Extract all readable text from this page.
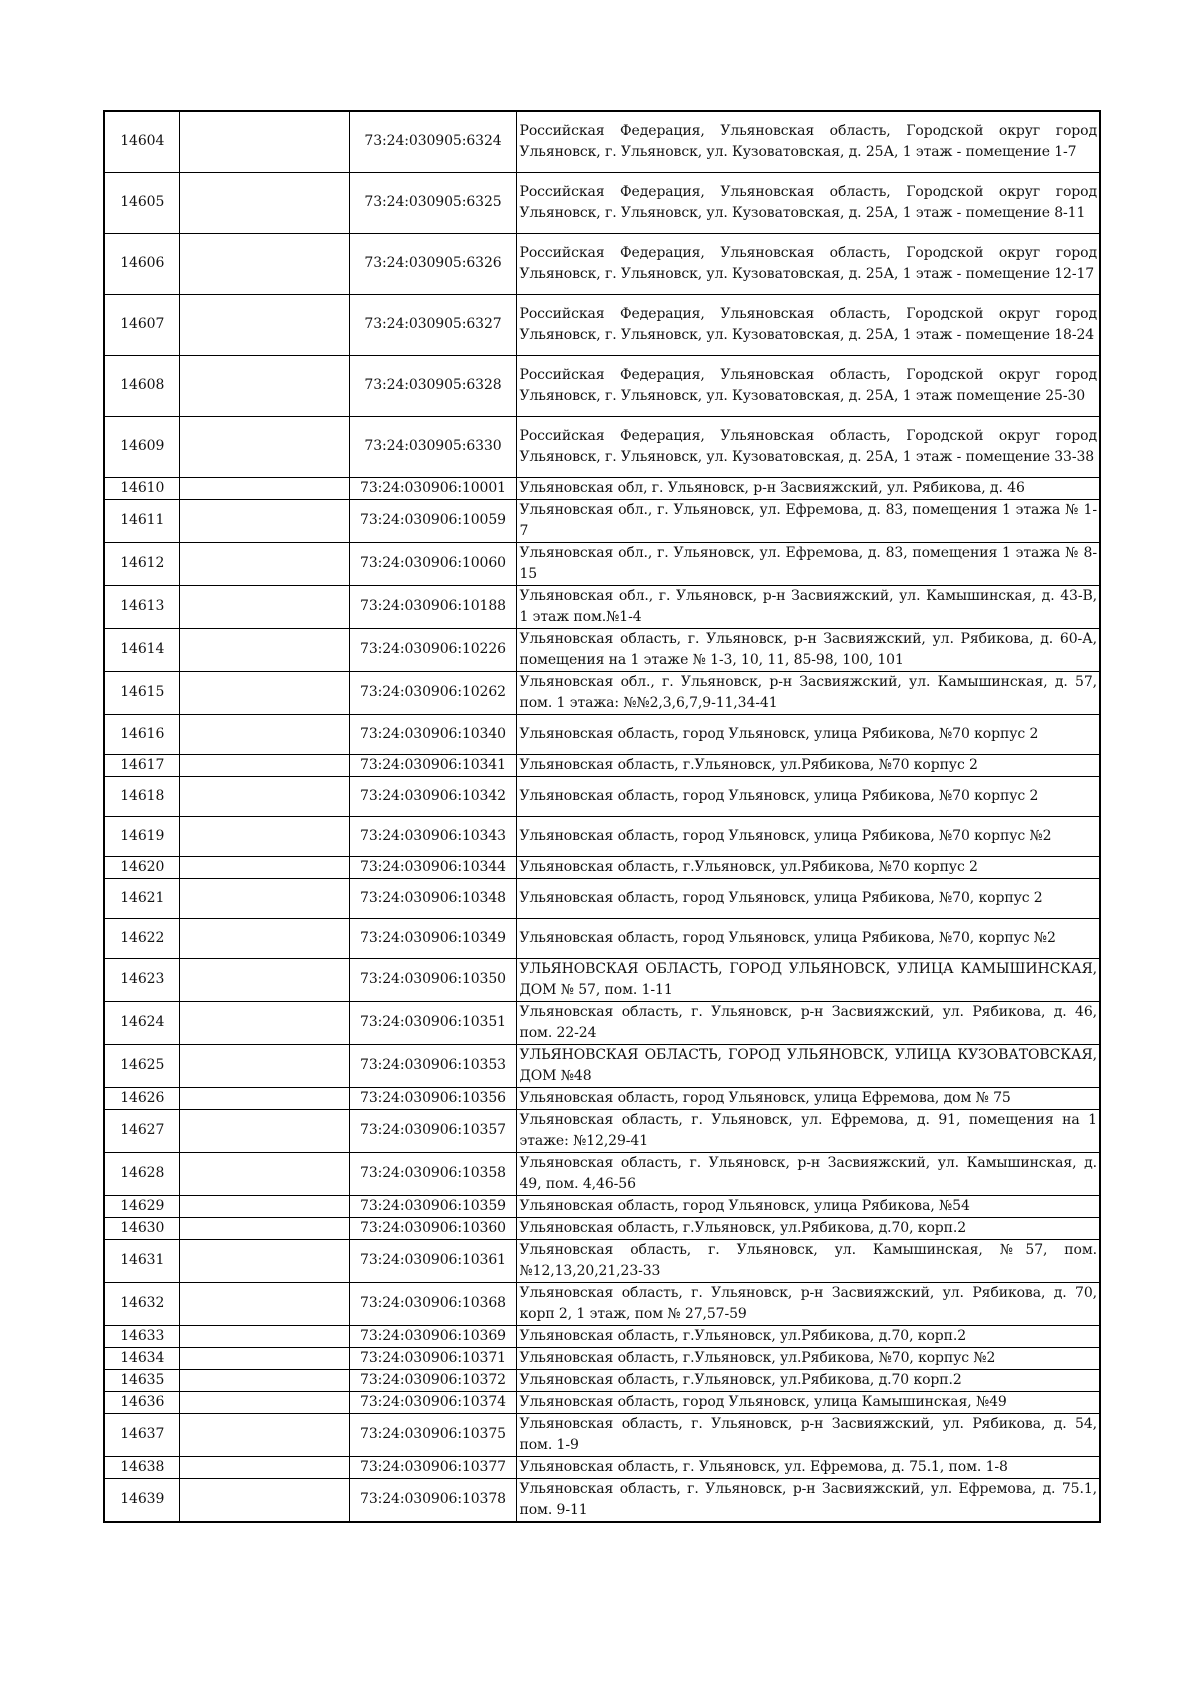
14604		73:24:030905:6324	Российская Федерация, Ульяновская область, Городской округ город Ульяновск, г. Ульяновск, ул. Кузоватовская, д. 25А, 1 этаж - помещение 1-7
14605		73:24:030905:6325	Российская Федерация, Ульяновская область, Городской округ город Ульяновск, г. Ульяновск, ул. Кузоватовская, д. 25А, 1 этаж - помещение 8-11
14606		73:24:030905:6326	Российская Федерация, Ульяновская область, Городской округ город Ульяновск, г. Ульяновск, ул. Кузоватовская, д. 25А, 1 этаж - помещение 12-17
14607		73:24:030905:6327	Российская Федерация, Ульяновская область, Городской округ город Ульяновск, г. Ульяновск, ул. Кузоватовская, д. 25А, 1 этаж - помещение 18-24
14608		73:24:030905:6328	Российская Федерация, Ульяновская область, Городской округ город Ульяновск, г. Ульяновск, ул. Кузоватовская, д. 25А, 1 этаж помещение 25-30
14609		73:24:030905:6330	Российская Федерация, Ульяновская область, Городской округ город Ульяновск, г. Ульяновск, ул. Кузоватовская, д. 25А, 1 этаж - помещение 33-38
14610		73:24:030906:10001	Ульяновская обл, г. Ульяновск, р-н Засвияжский, ул. Рябикова, д. 46
14611		73:24:030906:10059	Ульяновская обл., г. Ульяновск, ул. Ефремова, д. 83, помещения 1 этажа № 1-7
14612		73:24:030906:10060	Ульяновская обл., г. Ульяновск, ул. Ефремова, д. 83, помещения 1 этажа № 8-15
14613		73:24:030906:10188	Ульяновская обл., г. Ульяновск, р-н Засвияжский, ул. Камышинская, д. 43-В, 1 этаж пом.№1-4
14614		73:24:030906:10226	Ульяновская область, г. Ульяновск, р-н Засвияжский, ул. Рябикова, д. 60-А, помещения на 1 этаже № 1-3, 10, 11, 85-98, 100, 101
14615		73:24:030906:10262	Ульяновская обл., г. Ульяновск, р-н Засвияжский, ул. Камышинская, д. 57, пом. 1 этажа: №№2,3,6,7,9-11,34-41
14616		73:24:030906:10340	Ульяновская область, город Ульяновск, улица Рябикова, №70 корпус 2
14617		73:24:030906:10341	Ульяновская область, г.Ульяновск, ул.Рябикова, №70 корпус 2
14618		73:24:030906:10342	Ульяновская область, город Ульяновск, улица Рябикова, №70 корпус 2
14619		73:24:030906:10343	Ульяновская область, город Ульяновск, улица Рябикова, №70 корпус №2
14620		73:24:030906:10344	Ульяновская область, г.Ульяновск, ул.Рябикова, №70 корпус 2
14621		73:24:030906:10348	Ульяновская область, город Ульяновск, улица Рябикова, №70, корпус 2
14622		73:24:030906:10349	Ульяновская область, город Ульяновск, улица Рябикова, №70, корпус №2
14623		73:24:030906:10350	УЛЬЯНОВСКАЯ ОБЛАСТЬ, ГОРОД УЛЬЯНОВСК, УЛИЦА КАМЫШИНСКАЯ, ДОМ № 57, пом. 1-11
14624		73:24:030906:10351	Ульяновская область, г. Ульяновск, р-н Засвияжский, ул. Рябикова, д. 46, пом. 22-24
14625		73:24:030906:10353	УЛЬЯНОВСКАЯ ОБЛАСТЬ, ГОРОД УЛЬЯНОВСК, УЛИЦА КУЗОВАТОВСКАЯ, ДОМ №48
14626		73:24:030906:10356	Ульяновская область, город Ульяновск, улица Ефремова, дом № 75
14627		73:24:030906:10357	Ульяновская область, г. Ульяновск, ул. Ефремова, д. 91, помещения на 1 этаже: №12,29-41
14628		73:24:030906:10358	Ульяновская область, г. Ульяновск, р-н Засвияжский, ул. Камышинская, д. 49, пом. 4,46-56
14629		73:24:030906:10359	Ульяновская область, город Ульяновск, улица Рябикова, №54
14630		73:24:030906:10360	Ульяновская область, г.Ульяновск, ул.Рябикова, д.70, корп.2
14631		73:24:030906:10361	Ульяновская область, г. Ульяновск, ул. Камышинская, №57, пом. №12,13,20,21,23-33
14632		73:24:030906:10368	Ульяновская область, г. Ульяновск, р-н Засвияжский, ул. Рябикова, д. 70, корп 2, 1 этаж, пом № 27,57-59
14633		73:24:030906:10369	Ульяновская область, г.Ульяновск, ул.Рябикова, д.70, корп.2
14634		73:24:030906:10371	Ульяновская область, г.Ульяновск, ул.Рябикова, №70, корпус №2
14635		73:24:030906:10372	Ульяновская область, г.Ульяновск, ул.Рябикова, д.70 корп.2
14636		73:24:030906:10374	Ульяновская область, город Ульяновск, улица Камышинская, №49
14637		73:24:030906:10375	Ульяновская область, г. Ульяновск, р-н Засвияжский, ул. Рябикова, д. 54, пом. 1-9
14638		73:24:030906:10377	Ульяновская область, г. Ульяновск, ул. Ефремова, д. 75.1, пом. 1-8
14639		73:24:030906:10378	Ульяновская область, г. Ульяновск, р-н Засвияжский, ул. Ефремова, д. 75.1, пом. 9-11
